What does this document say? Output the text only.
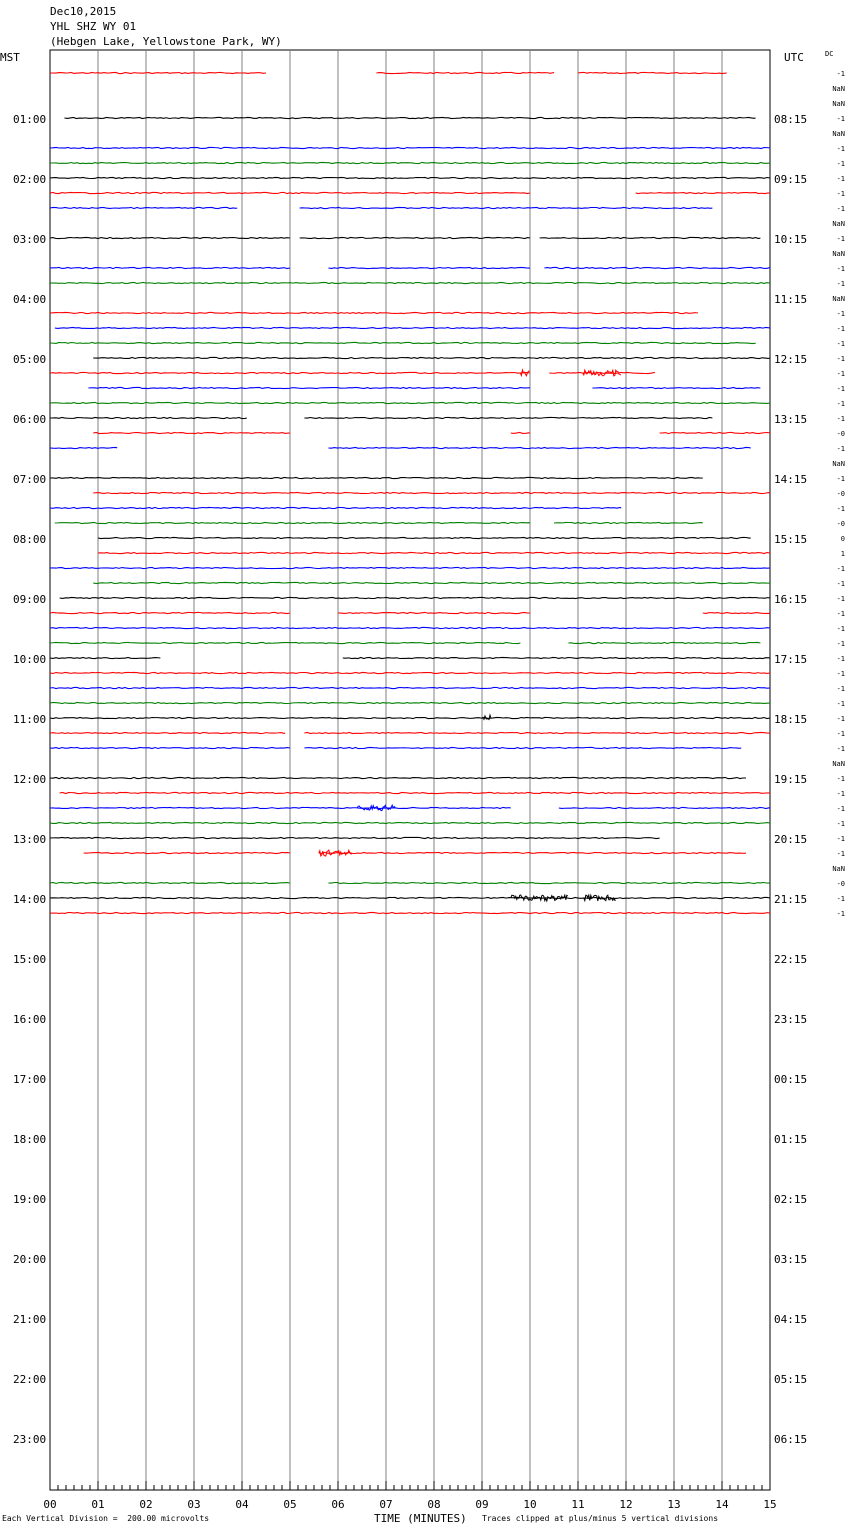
Dec10,2015
YHL SHZ WY 01
(Hebgen Lake, Yellowstone Park, WY)
MST	UTC	DC
01:00
02:00
03:00
04:00
05:00
06:00
07:00
08:00
09:00
10:00
11:00
12:00
13:00
14:00
15:00
16:00
17:00
18:00
19:00
20:00
21:00
22:00
23:00
08:15
09:15
10:15
11:15
12:15
13:15
14:15
15:15
16:15
17:15
18:15
19:15
20:15
21:15
22:15
23:15
00:15
01:15
02:15
03:15
04:15
05:15
06:15
00	01	02	03	04	05	06	07	08	09	10	11	12	13	14	15
-1
NaN
NaN
-1
NaN
-1
-1
-1
-1
-1
NaN
-1
NaN
-1
-1
NaN
-1
-1
-1
-1
-1
-1
-1
-1
-0
-1
NaN
-1
-0
-1
-0
0
1
-1
-1
-1
-1
-1
-1
-1
-1
-1
-1
-1
-1
-1
NaN
-1
-1
-1
-1
-1
-1
NaN
-0
-1
-1
Each Vertical Division =  200.00 microvolts	TIME (MINUTES) Traces clipped at plus/minus 5 vertical divisions
